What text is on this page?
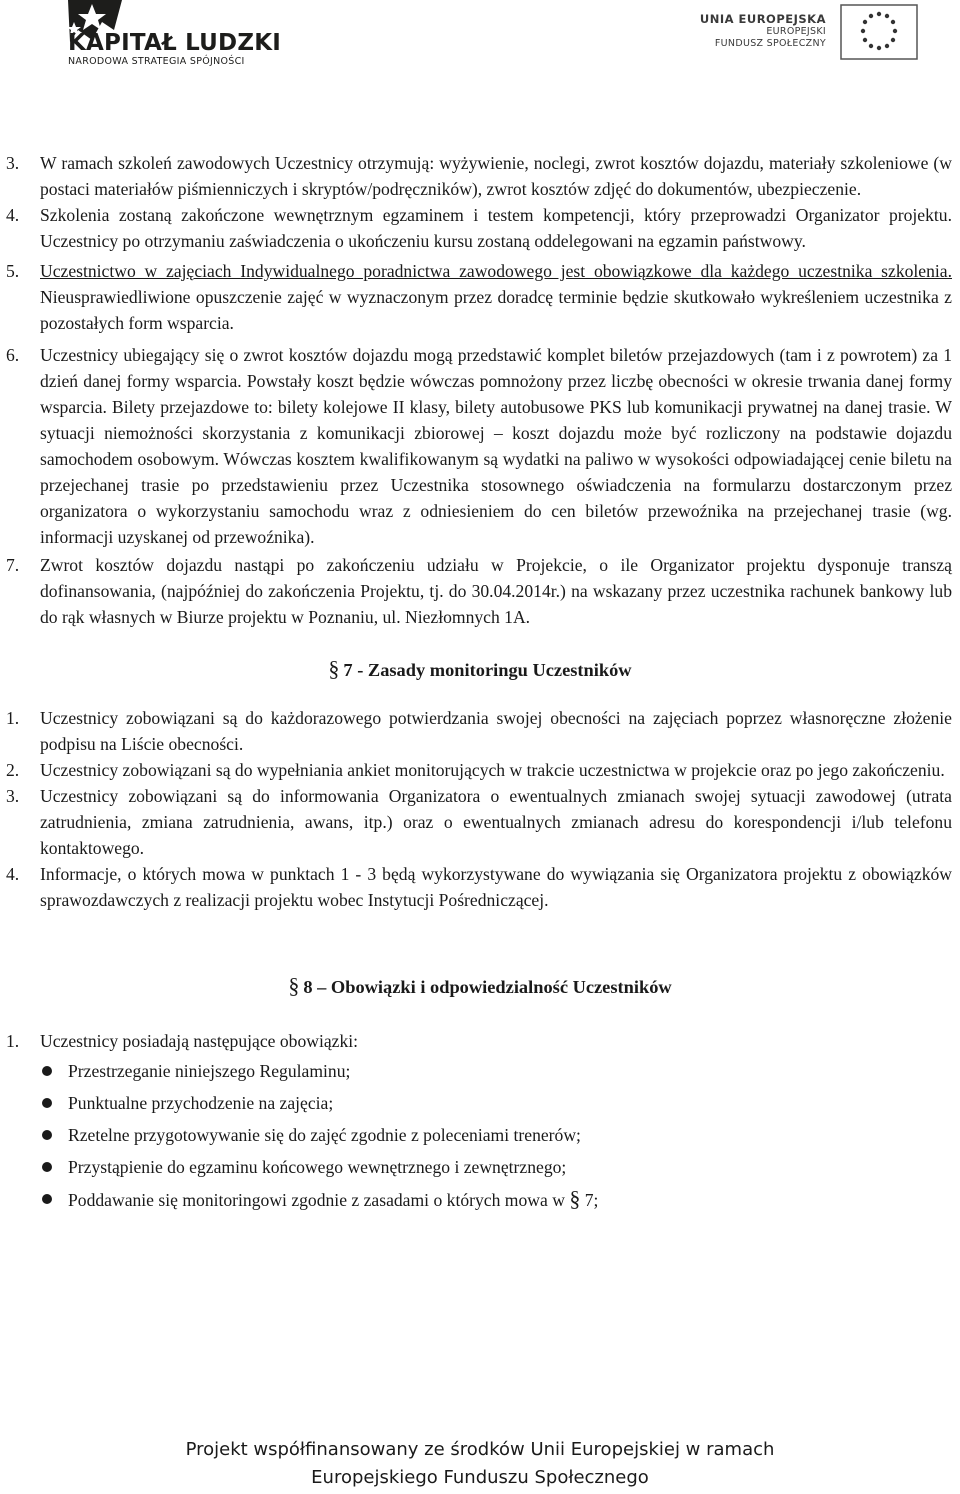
KAPITAŁ LUDZKI
NARODOWA STRATEGIA SPÓJNOŚCI
UNIA EUROPEJSKA
EUROPEJSKI
FUNDUSZ SPOŁECZNY
3. W ramach szkoleń zawodowych Uczestnicy otrzymują: wyżywienie, noclegi, zwrot kosztów dojazdu, materiały szkoleniowe (w postaci materiałów piśmienniczych i skryptów/podręczników), zwrot kosztów zdjęć do dokumentów, ubezpieczenie.
4. Szkolenia zostaną zakończone wewnętrznym egzaminem i testem kompetencji, który przeprowadzi Organizator projektu. Uczestnicy po otrzymaniu zaświadczenia o ukończeniu kursu zostaną oddelegowani na egzamin państwowy.
5. Uczestnictwo w zajęciach Indywidualnego poradnictwa zawodowego jest obowiązkowe dla każdego uczestnika szkolenia. Nieusprawiedliwione opuszczenie zajęć w wyznaczonym przez doradcę terminie będzie skutkowało wykreśleniem uczestnika z pozostałych form wsparcia.
6. Uczestnicy ubiegający się o zwrot kosztów dojazdu mogą przedstawić komplet biletów przejazdowych (tam i z powrotem) za 1 dzień danej formy wsparcia. Powstały koszt będzie wówczas pomnożony przez liczbę obecności w okresie trwania danej formy wsparcia. Bilety przejazdowe to: bilety kolejowe II klasy, bilety autobusowe PKS lub komunikacji prywatnej na danej trasie. W sytuacji niemożności skorzystania z komunikacji zbiorowej – koszt dojazdu może być rozliczony na podstawie dojazdu samochodem osobowym. Wówczas kosztem kwalifikowanym są wydatki na paliwo w wysokości odpowiadającej cenie biletu na przejechanej trasie po przedstawieniu przez Uczestnika stosownego oświadczenia na formularzu dostarczonym przez organizatora o wykorzystaniu samochodu wraz z odniesieniem do cen biletów przewoźnika na przejechanej trasie (wg. informacji uzyskanej od przewoźnika).
7. Zwrot kosztów dojazdu nastąpi po zakończeniu udziału w Projekcie, o ile Organizator projektu dysponuje transzą dofinansowania, (najpóźniej do zakończenia Projektu, tj. do 30.04.2014r.) na wskazany przez uczestnika rachunek bankowy lub do rąk własnych w Biurze projektu w Poznaniu, ul. Niezłomnych 1A.
§ 7 - Zasady monitoringu Uczestników
1. Uczestnicy zobowiązani są do każdorazowego potwierdzania swojej obecności na zajęciach poprzez własnoręczne złożenie podpisu na Liście obecności.
2. Uczestnicy zobowiązani są do wypełniania ankiet monitorujących w trakcie uczestnictwa w projekcie oraz po jego zakończeniu.
3. Uczestnicy zobowiązani są do informowania Organizatora o ewentualnych zmianach swojej sytuacji zawodowej (utrata zatrudnienia, zmiana zatrudnienia, awans, itp.) oraz o ewentualnych zmianach adresu do korespondencji i/lub telefonu kontaktowego.
4. Informacje, o których mowa w punktach 1 - 3 będą wykorzystywane do wywiązania się Organizatora projektu z obowiązków sprawozdawczych z realizacji projektu wobec Instytucji Pośredniczącej.
§ 8 – Obowiązki i odpowiedzialność Uczestników
1. Uczestnicy posiadają następujące obowiązki:
Przestrzeganie niniejszego Regulaminu;
Punktualne przychodzenie na zajęcia;
Rzetelne przygotowywanie się do zajęć zgodnie z poleceniami trenerów;
Przystąpienie do egzaminu końcowego wewnętrznego i zewnętrznego;
Poddawanie się monitoringowi zgodnie z zasadami o których mowa w § 7;
Projekt współfinansowany ze środków Unii Europejskiej w ramach
Europejskiego Funduszu Społecznego
